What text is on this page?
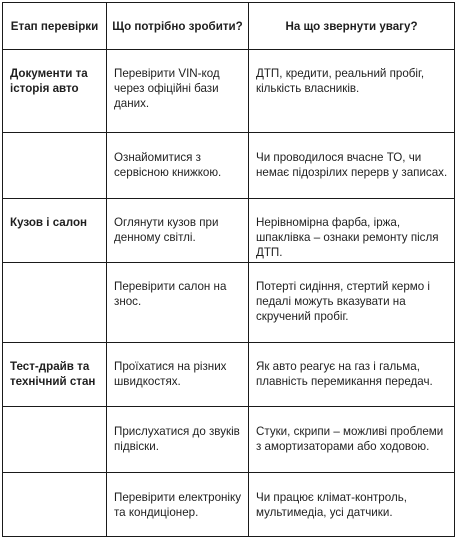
Етап перевірки	Що потрібно зробити?	На що звернути увагу?
Документи та історія авто	Перевірити VIN-код через офіційні бази даних.	ДТП, кредити, реальний пробіг, кількість власників.
	Ознайомитися з сервісною книжкою.	Чи проводилося вчасне ТО, чи немає підозрілих перерв у записах.
Кузов і салон	Оглянути кузов при денному світлі.	Нерівномірна фарба, іржа, шпаклівка – ознаки ремонту після ДТП.
	Перевірити салон на знос.	Потерті сидіння, стертий кермо і педалі можуть вказувати на скручений пробіг.
Тест-драйв та технічний стан	Проїхатися на різних швидкостях.	Як авто реагує на газ і гальма, плавність перемикання передач.
	Прислухатися до звуків підвіски.	Стуки, скрипи – можливі проблеми з амортизаторами або ходовою.
	Перевірити електроніку та кондиціонер.	Чи працює клімат-контроль, мультимедіа, усі датчики.
